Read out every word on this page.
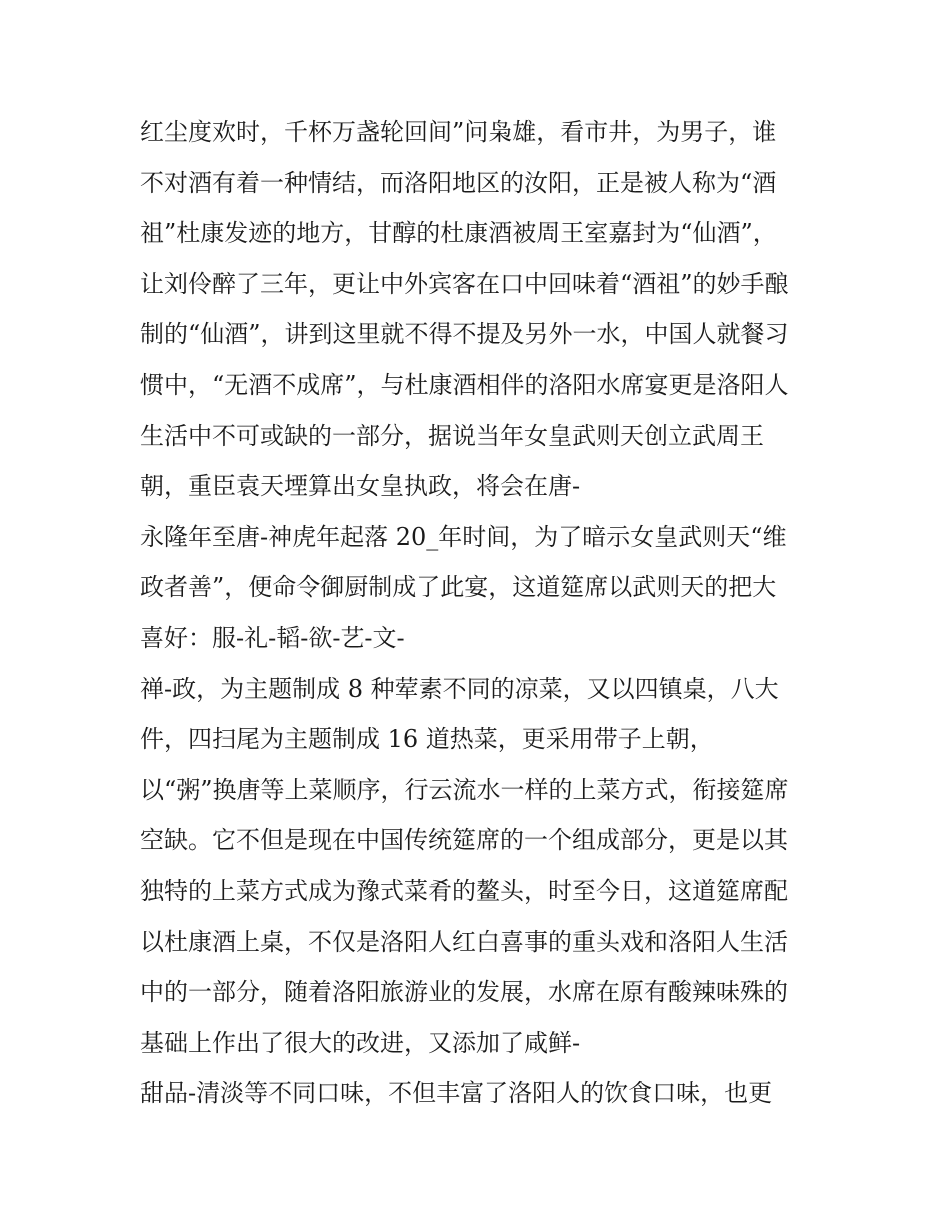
红尘度欢时，千杯万盏轮回间”问枭雄，看市井，为男子，谁
不对酒有着一种情结，而洛阳地区的汝阳，正是被人称为“酒
祖”杜康发迹的地方，甘醇的杜康酒被周王室嘉封为“仙酒”，
让刘伶醉了三年，更让中外宾客在口中回味着“酒祖”的妙手酿
制的“仙酒”，讲到这里就不得不提及另外一水，中国人就餐习
惯中，“无酒不成席”，与杜康酒相伴的洛阳水席宴更是洛阳人
生活中不可或缺的一部分，据说当年女皇武则天创立武周王
朝，重臣袁天堙算出女皇执政，将会在唐-
永隆年至唐-神虎年起落 20_年时间，为了暗示女皇武则天“维
政者善”，便命令御厨制成了此宴，这道筵席以武则天的把大
喜好：服-礼-韬-欲-艺-文-
禅-政，为主题制成 8 种荤素不同的凉菜，又以四镇桌，八大
件，四扫尾为主题制成 16 道热菜，更采用带子上朝，
以“粥”换唐等上菜顺序，行云流水一样的上菜方式，衔接筵席
空缺。它不但是现在中国传统筵席的一个组成部分，更是以其
独特的上菜方式成为豫式菜肴的鳌头，时至今日，这道筵席配
以杜康酒上桌，不仅是洛阳人红白喜事的重头戏和洛阳人生活
中的一部分，随着洛阳旅游业的发展，水席在原有酸辣味殊的
基础上作出了很大的改进，又添加了咸鲜-
甜品-清淡等不同口味，不但丰富了洛阳人的饮食口味，也更
